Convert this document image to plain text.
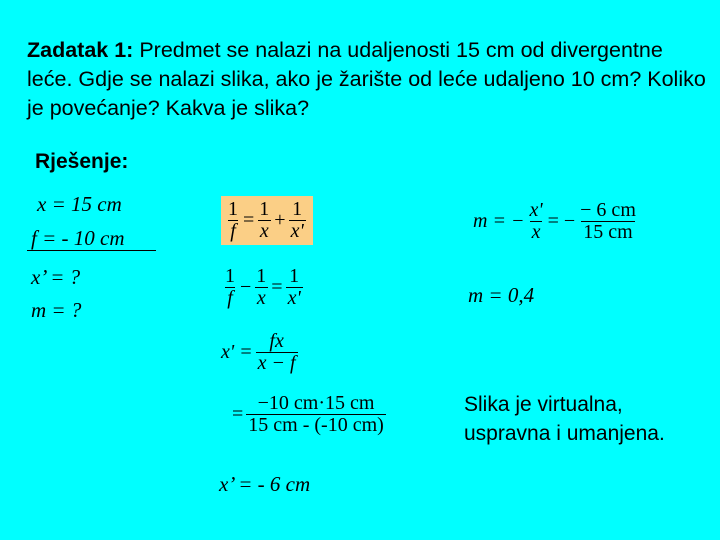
Zadatak 1: Predmet se nalazi na udaljenosti 15 cm od divergentne leće. Gdje se nalazi slika, ako je žarište od leće udaljeno 10 cm? Koliko je povećanje? Kakva je slika?
Rješenje:
x = 15 cm
f = - 10 cm
x’ = ?
m = ?
$\frac{1}{f} = \frac{1}{x} + \frac{1}{x'}$
$\frac{1}{f} - \frac{1}{x} = \frac{1}{x'}$
$x' = \frac{fx}{x - f}$
= $\frac{-10 cm\cdot 15 cm}{15 cm - (-10 cm)}$
x’ = - 6 cm
m = − $\frac{x'}{x}$ = − $\frac{- 6 cm}{15 cm}$
m = 0,4
Slika je virtualna,
uspravna i umanjena.
